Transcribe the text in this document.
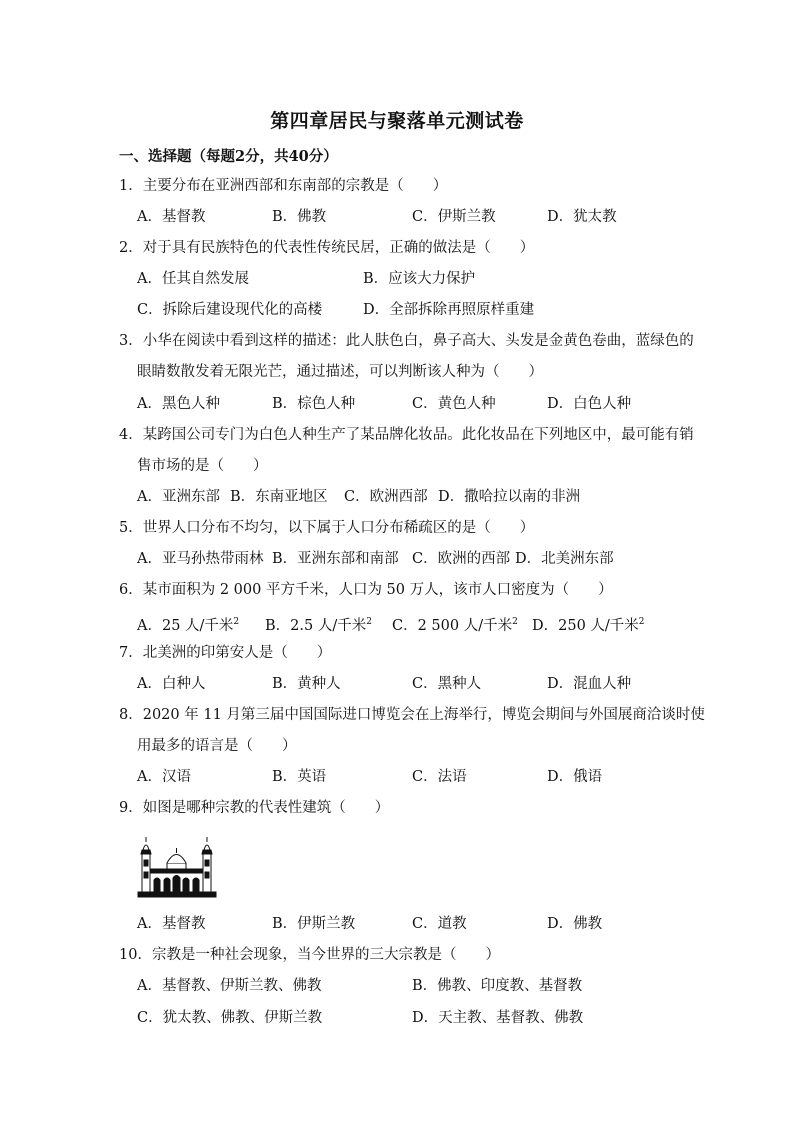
第四章居民与聚落单元测试卷
一、选择题（每题2分，共40分）
1．主要分布在亚洲西部和东南部的宗教是（　　）
A．基督教	B．佛教	C．伊斯兰教	D．犹太教
2．对于具有民族特色的代表性传统民居，正确的做法是（　　）
A．任其自然发展	B．应该大力保护
C．拆除后建设现代化的高楼	D．全部拆除再照原样重建
3．小华在阅读中看到这样的描述：此人肤色白，鼻子高大、头发是金黄色卷曲，蓝绿色的
眼睛数散发着无限光芒，通过描述，可以判断该人种为（　　）
A．黑色人种	B．棕色人种	C．黄色人种	D．白色人种
4．某跨国公司专门为白色人种生产了某品牌化妆品。此化妆品在下列地区中，最可能有销
售市场的是（　　）
A．亚洲东部 B．东南亚地区 C．欧洲西部 D．撒哈拉以南的非洲
5．世界人口分布不均匀，以下属于人口分布稀疏区的是（　　）
A．亚马孙热带雨林 B．亚洲东部和南部 C．欧洲的西部 D．北美洲东部
6．某市面积为 2 000 平方千米，人口为 50 万人，该市人口密度为（　　）
A．25 人/千米$^2$ B．2.5 人/千米$^2$ C．2 500 人/千米$^2$ D．250 人/千米$^2$
7．北美洲的印第安人是（　　）
A．白种人	B．黄种人	C．黑种人	D．混血人种
8．2020 年 11 月第三届中国国际进口博览会在上海举行，博览会期间与外国展商洽谈时使
用最多的语言是（　　）
A．汉语	B．英语	C．法语	D．俄语
9．如图是哪种宗教的代表性建筑（　　）
A．基督教	B．伊斯兰教	C．道教	D．佛教
10．宗教是一种社会现象，当今世界的三大宗教是（　　）
A．基督教、伊斯兰教、佛教	B．佛教、印度教、基督教
C．犹太教、佛教、伊斯兰教	D．天主教、基督教、佛教
